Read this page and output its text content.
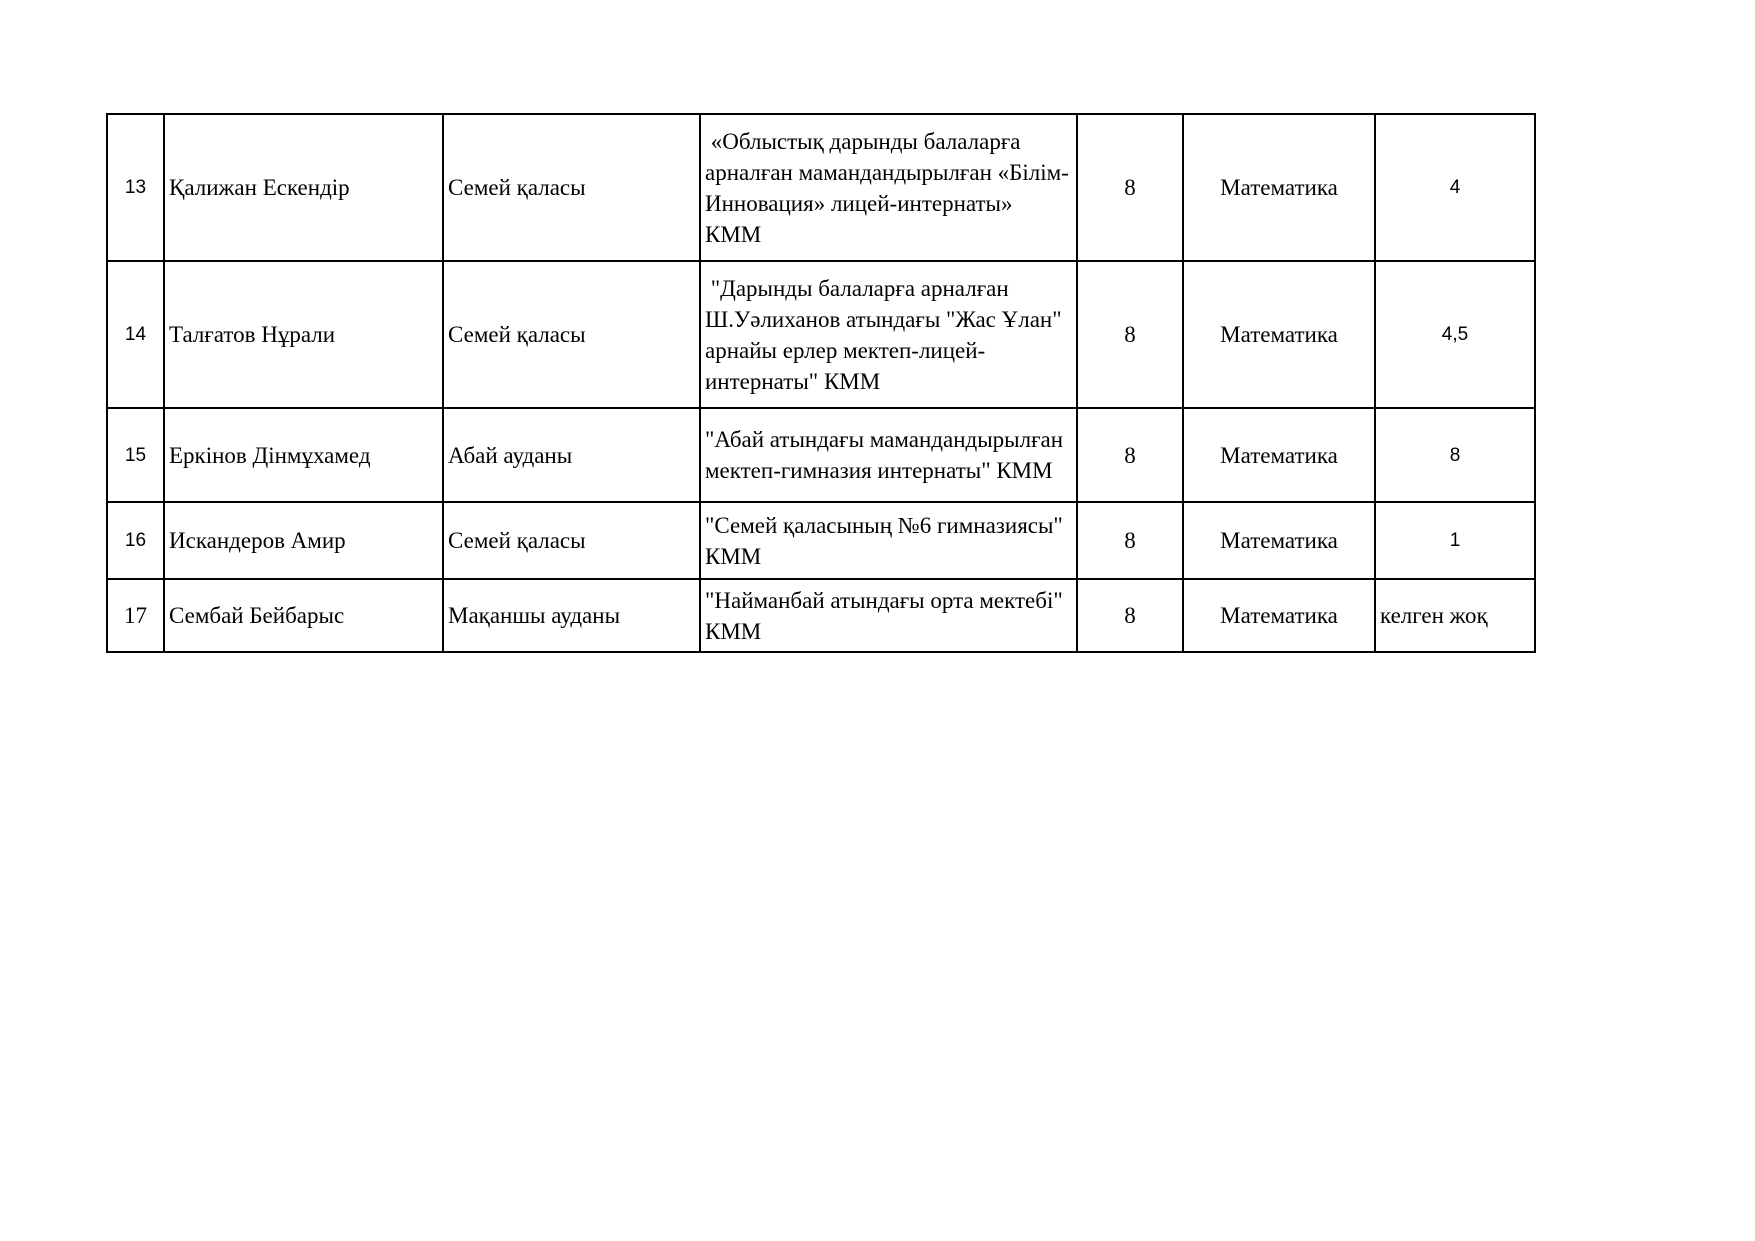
13	Қалижан Ескендір	Семей қаласы	«Облыстық дарынды балаларға арналған мамандандырылған «Білім-Инновация» лицей-интернаты» КММ	8	Математика	4
14	Талғатов Нұрали	Семей қаласы	"Дарынды балаларға арналған Ш.Уәлиханов атындағы "Жас Ұлан" арнайы ерлер мектеп-лицей-интернаты" КММ	8	Математика	4,5
15	Еркінов Дінмұхамед	Абай ауданы	"Абай атындағы мамандандырылған мектеп-гимназия интернаты" КММ	8	Математика	8
16	Искандеров Амир	Семей қаласы	"Семей қаласының №6 гимназиясы" КММ	8	Математика	1
17	Сембай Бейбарыс	Мақаншы ауданы	"Найманбай атындағы орта мектебі" КММ	8	Математика	келген жоқ
